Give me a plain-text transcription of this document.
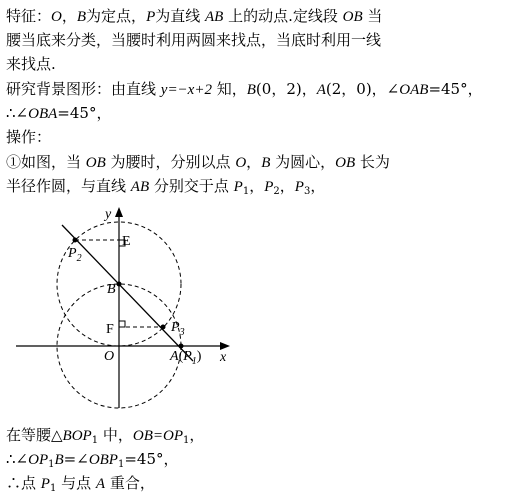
特征：O，B为定点，P为直线 AB 上的动点.定线段 OB 当
腰当底来分类，当腰时利用两圆来找点，当底时利用一线
来找点.
研究背景图形：由直线 y=−x+2 知，B(0，2)，A(2，0)，∠OAB=45°，
∴∠OBA=45°，
操作：
①如图，当 OB 为腰时，分别以点 O，B 为圆心，OB 长为
半径作圆，与直线 AB 分别交于点 $P_1$，$P_2$，$P_3$，
y
x
O
E
F
B
$P_2$
$P_3$
$A(P_1)$
在等腰$\triangle BOP_1$ 中，$OB=OP_1$，
$\therefore\angle OP_1B=\angle OBP_1=45^\circ$，
∴点 $P_1$ 与点 A 重合，
